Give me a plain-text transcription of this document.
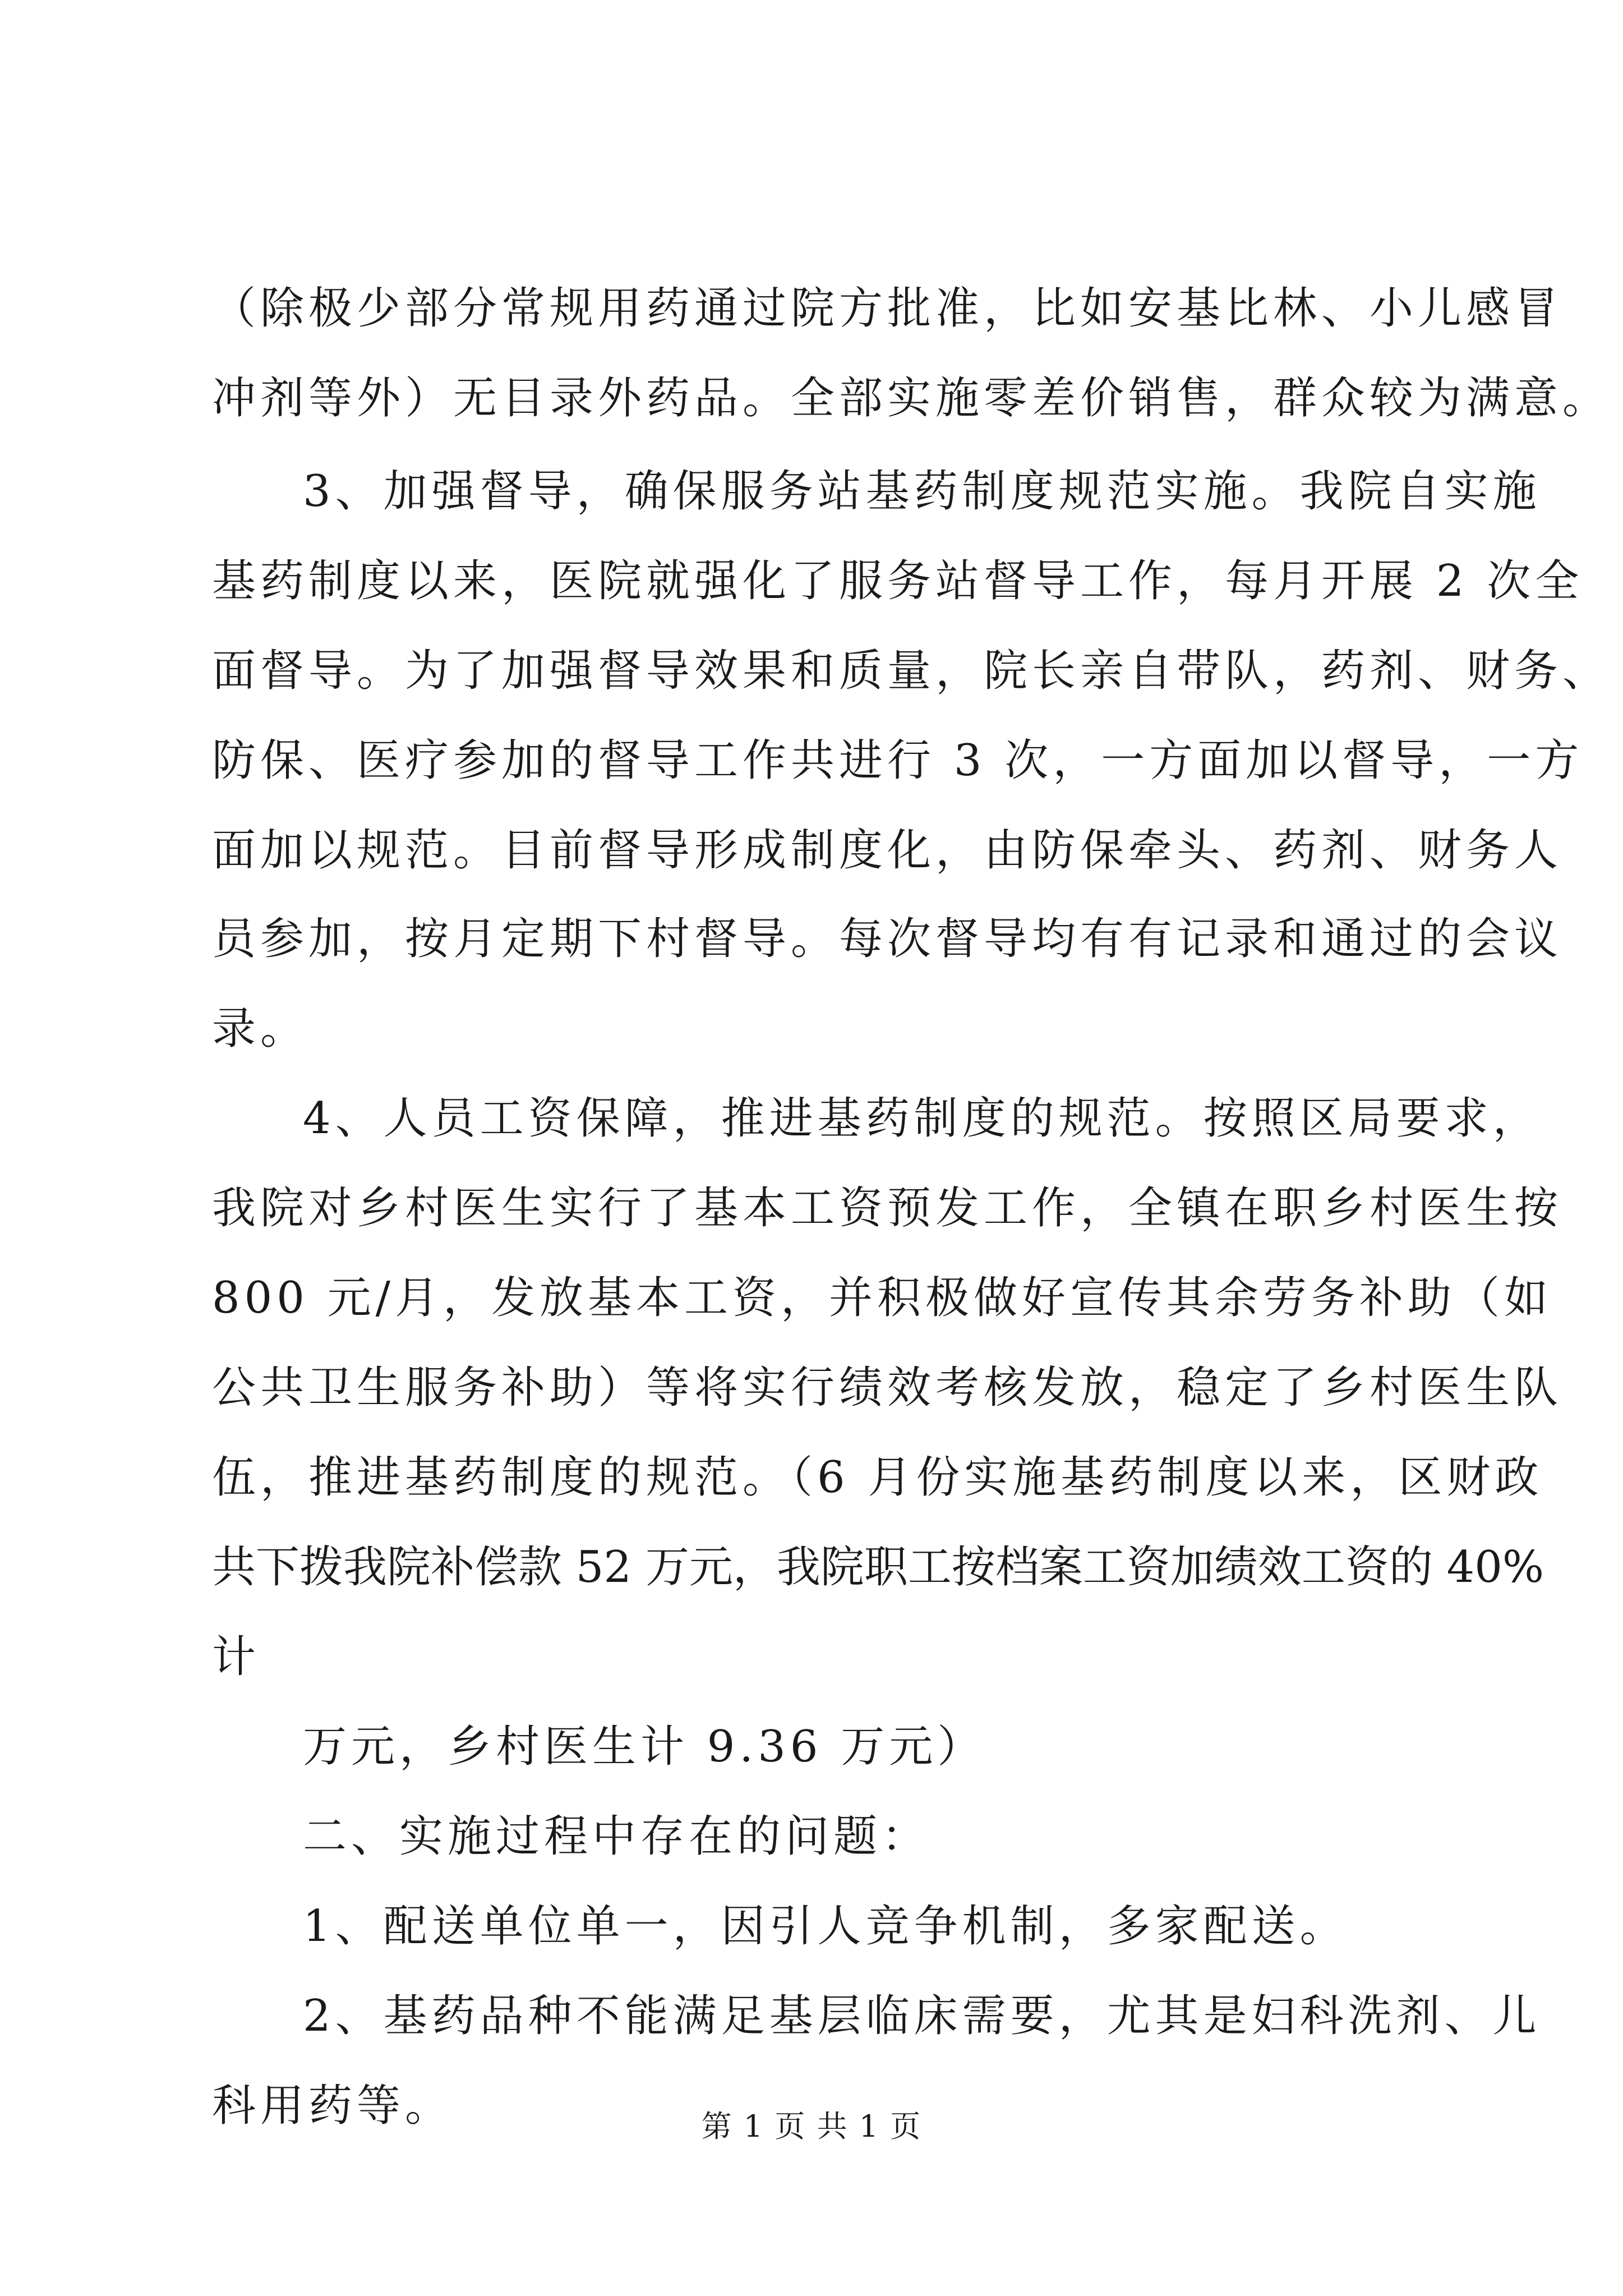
（除极少部分常规用药通过院方批准，比如安基比林、小儿感冒
冲剂等外）无目录外药品。全部实施零差价销售，群众较为满意。
3、加强督导，确保服务站基药制度规范实施。我院自实施
基药制度以来，医院就强化了服务站督导工作，每月开展 2 次全
面督导。为了加强督导效果和质量，院长亲自带队，药剂、财务、
防保、医疗参加的督导工作共进行 3 次，一方面加以督导，一方
面加以规范。目前督导形成制度化，由防保牵头、药剂、财务人
员参加，按月定期下村督导。每次督导均有有记录和通过的会议
录。
4、人员工资保障，推进基药制度的规范。按照区局要求，
我院对乡村医生实行了基本工资预发工作，全镇在职乡村医生按
800 元/月，发放基本工资，并积极做好宣传其余劳务补助（如
公共卫生服务补助）等将实行绩效考核发放，稳定了乡村医生队
伍，推进基药制度的规范。（6 月份实施基药制度以来，区财政
共下拨我院补偿款 52 万元，我院职工按档案工资加绩效工资的 40%
计
万元，乡村医生计 9.36 万元）
二、实施过程中存在的问题：
1、配送单位单一，因引人竞争机制，多家配送。
2、基药品种不能满足基层临床需要，尤其是妇科洗剂、儿
科用药等。	第 1 页 共 1 页
